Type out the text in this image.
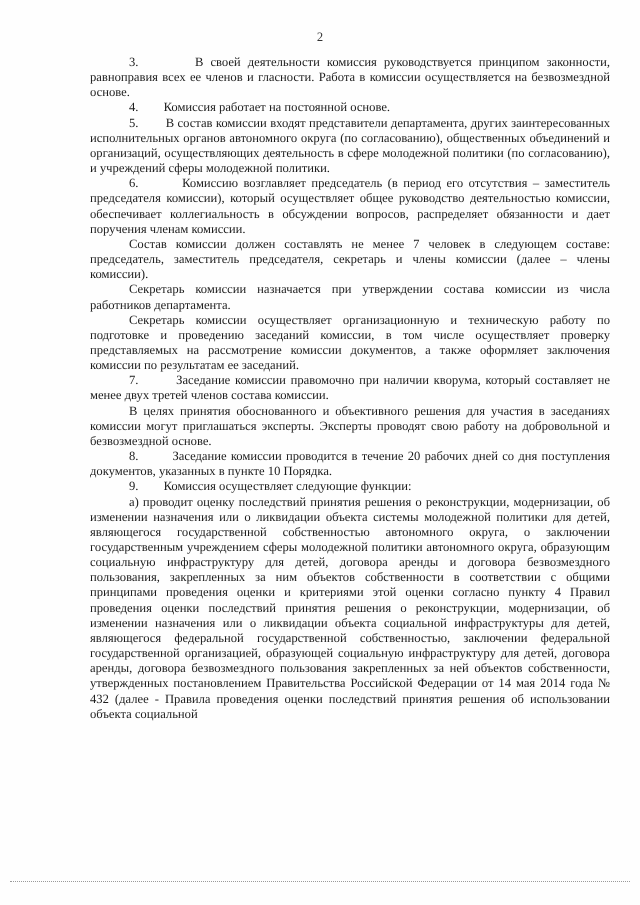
2

3.        В своей деятельности комиссия руководствуется принципом законности, равноправия всех ее членов и гласности. Работа в комиссии осуществляется на безвозмездной основе.

4.        Комиссия работает на постоянной основе.

5.        В состав комиссии входят представители департамента, других заинтересованных исполнительных органов автономного округа (по согласованию), общественных объединений и организаций, осуществляющих деятельность в сфере молодежной политики (по согласованию), и учреждений сферы молодежной политики.

6.        Комиссию возглавляет председатель (в период его отсутствия – заместитель председателя комиссии), который осуществляет общее руководство деятельностью комиссии, обеспечивает коллегиальность в обсуждении вопросов, распределяет обязанности и дает поручения членам комиссии.

Состав комиссии должен составлять не менее 7 человек в следующем составе: председатель, заместитель председателя, секретарь и члены комиссии (далее – члены комиссии).

Секретарь комиссии назначается при утверждении состава комиссии из числа работников департамента.

Секретарь комиссии осуществляет организационную и техническую работу по подготовке и проведению заседаний комиссии, в том числе осуществляет проверку представляемых на рассмотрение комиссии документов, а также оформляет заключения комиссии по результатам ее заседаний.

7.        Заседание комиссии правомочно при наличии кворума, который составляет не менее двух третей членов состава комиссии.

В целях принятия обоснованного и объективного решения для участия в заседаниях комиссии могут приглашаться эксперты. Эксперты проводят свою работу на добровольной и безвозмездной основе.

8.        Заседание комиссии проводится в течение 20 рабочих дней со дня поступления документов, указанных в пункте 10 Порядка.

9.        Комиссия осуществляет следующие функции:

а) проводит оценку последствий принятия решения о реконструкции, модернизации, об изменении назначения или о ликвидации объекта системы молодежной политики для детей, являющегося государственной собственностью автономного округа, о заключении государственным учреждением сферы молодежной политики автономного округа, образующим социальную инфраструктуру для детей, договора аренды и договора безвозмездного пользования, закрепленных за ним объектов собственности в соответствии с общими принципами проведения оценки и критериями этой оценки согласно пункту 4 Правил проведения оценки последствий принятия решения о реконструкции, модернизации, об изменении назначения или о ликвидации объекта социальной инфраструктуры для детей, являющегося федеральной государственной собственностью, заключении федеральной государственной организацией, образующей социальную инфраструктуру для детей, договора аренды, договора безвозмездного пользования закрепленных за ней объектов собственности, утвержденных постановлением Правительства Российской Федерации от 14 мая 2014 года № 432 (далее - Правила проведения оценки последствий принятия решения об использовании объекта социальной
